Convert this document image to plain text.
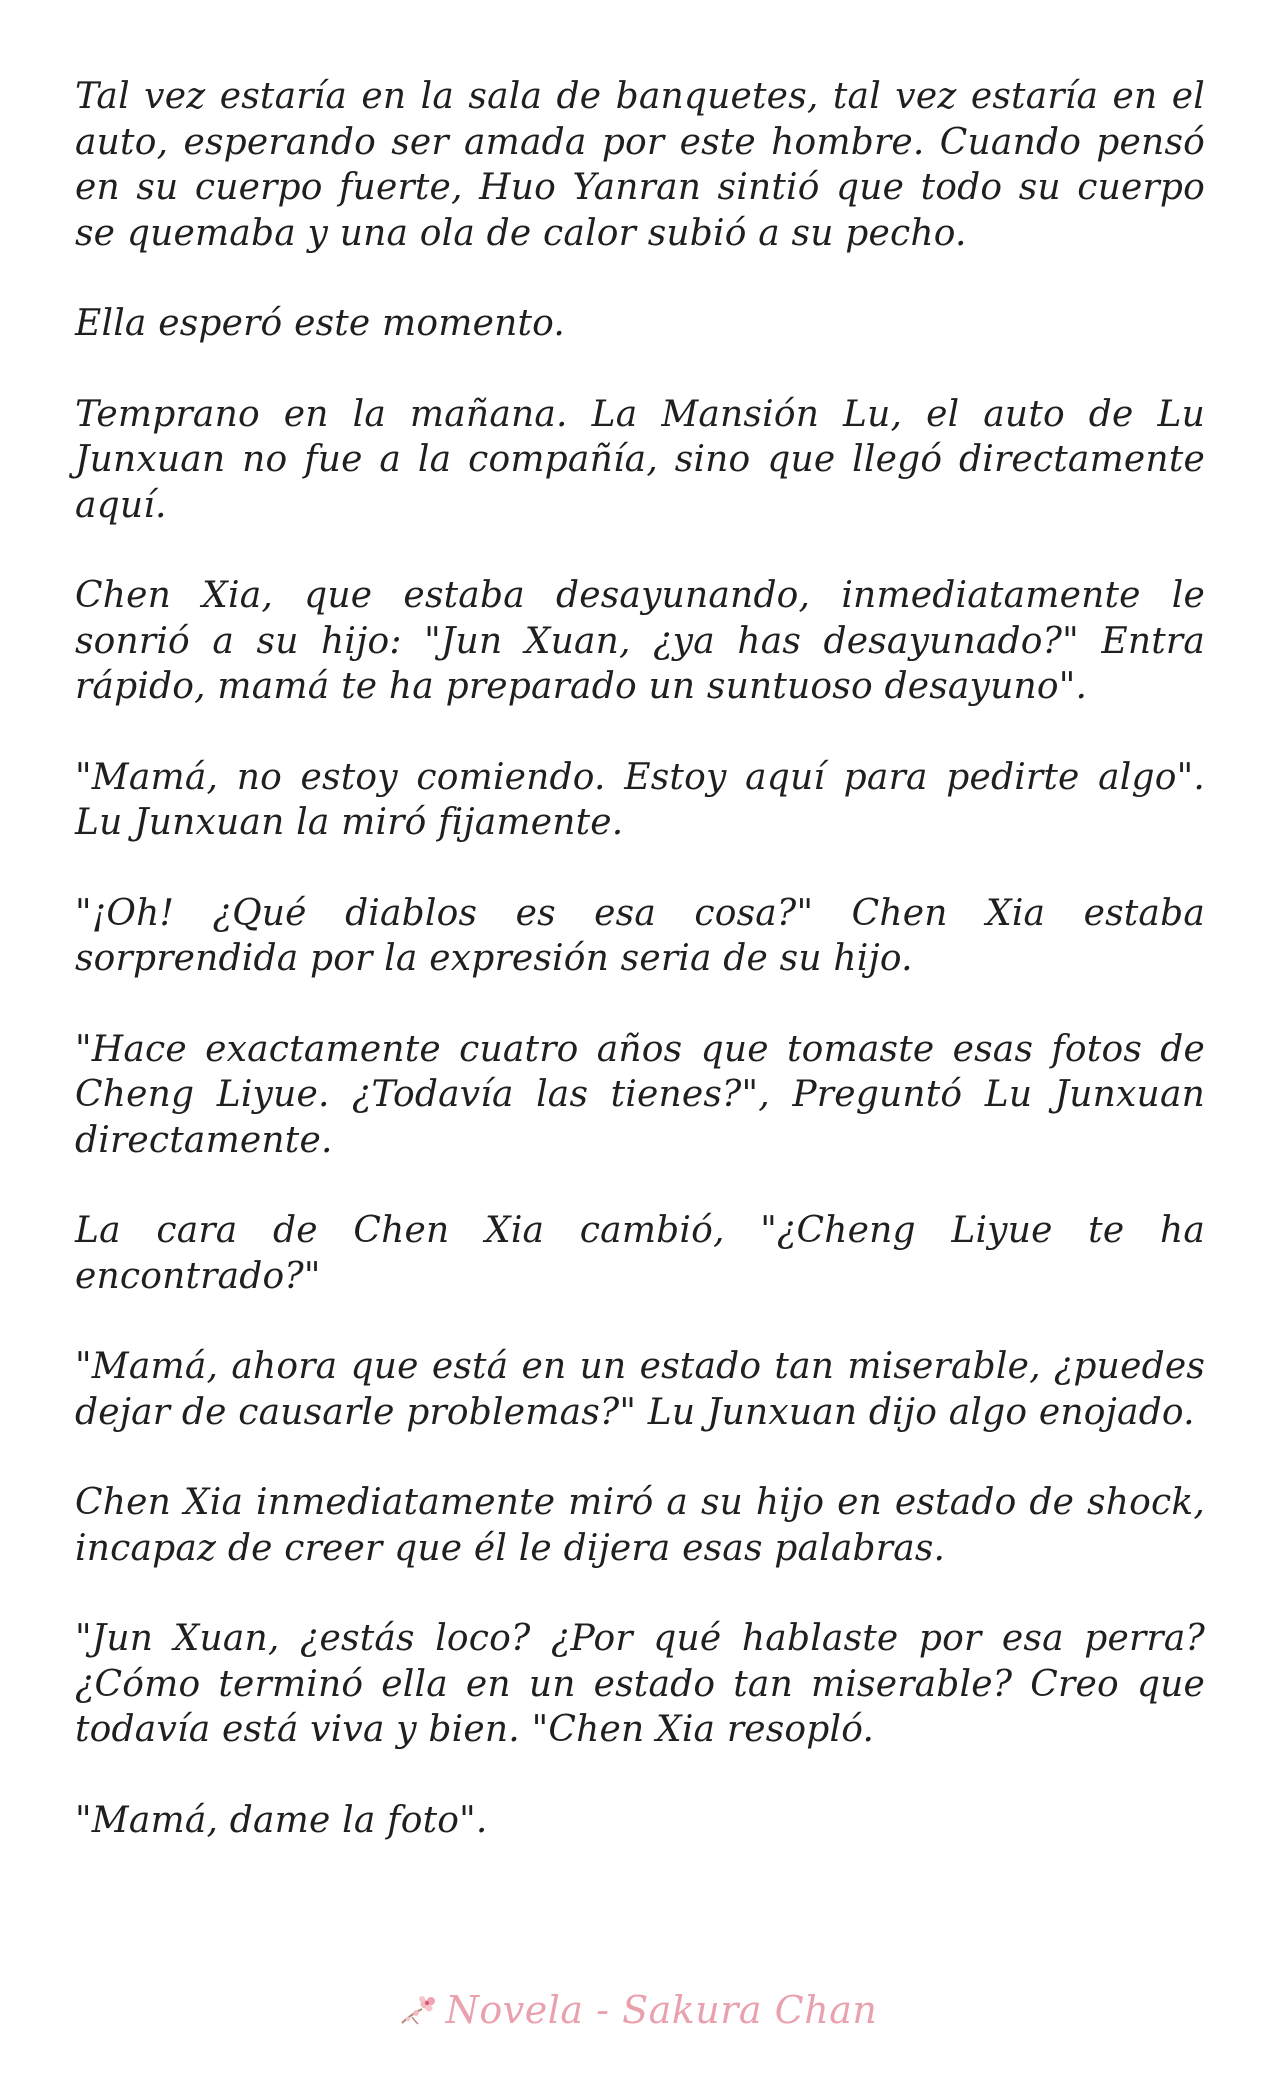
Tal vez estaría en la sala de banquetes, tal vez estaría en el auto, esperando ser amada por este hombre. Cuando pensó en su cuerpo fuerte, Huo Yanran sintió que todo su cuerpo se quemaba y una ola de calor subió a su pecho.

Ella esperó este momento.

Temprano en la mañana. La Mansión Lu, el auto de Lu Junxuan no fue a la compañía, sino que llegó directamente aquí.

Chen Xia, que estaba desayunando, inmediatamente le sonrió a su hijo: "Jun Xuan, ¿ya has desayunado?" Entra rápido, mamá te ha preparado un suntuoso desayuno".

"Mamá, no estoy comiendo. Estoy aquí para pedirte algo". Lu Junxuan la miró fijamente.

"¡Oh! ¿Qué diablos es esa cosa?" Chen Xia estaba sorprendida por la expresión seria de su hijo.

"Hace exactamente cuatro años que tomaste esas fotos de Cheng Liyue. ¿Todavía las tienes?", Preguntó Lu Junxuan directamente.

La cara de Chen Xia cambió, "¿Cheng Liyue te ha encontrado?"

"Mamá, ahora que está en un estado tan miserable, ¿puedes dejar de causarle problemas?" Lu Junxuan dijo algo enojado.

Chen Xia inmediatamente miró a su hijo en estado de shock, incapaz de creer que él le dijera esas palabras.

"Jun Xuan, ¿estás loco? ¿Por qué hablaste por esa perra? ¿Cómo terminó ella en un estado tan miserable? Creo que todavía está viva y bien. "Chen Xia resopló.

"Mamá, dame la foto".

Novela - Sakura Chan
